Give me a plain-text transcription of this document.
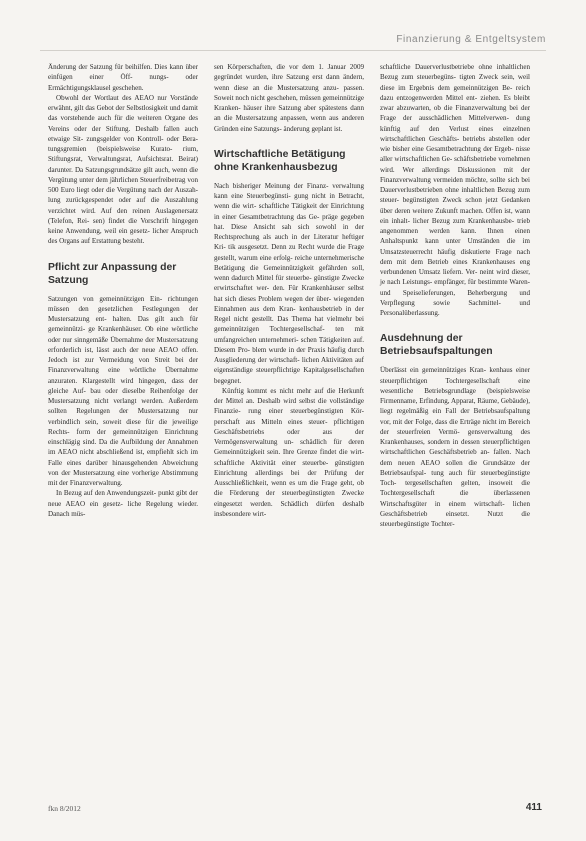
Finanzierung & Entgeltsystem

Änderung der Satzung für beihilfen. Dies kann über einfügen einer Öff- nungs- oder Ermächtigungsklausel geschehen.

Obwohl der Wortlaut des AEAO nur Vorstände erwähnt, gilt das Gebot der Selbstlosigkeit und damit das vorstehende auch für die weiteren Organe des Vereins oder der Stiftung. Deshalb fallen auch etwaige Sit- zungsgelder von Kontroll- oder Bera- tungsgremien (beispielsweise Kurato- rium, Stiftungsrat, Verwaltungsrat, Aufsichtsrat. Beirat) darunter. Da Satzungsgrundsätze gilt auch, wenn die Vergütung unter dem jährlichen Steuerfreibetrag von 500 Euro liegt oder die Vergütung nach der Auszah- lung zurückgespendet oder auf die Auszahlung verzichtet wird. Auf den reinen Auslagenersatz (Telefon, Rei- sen) findet die Vorschrift hingegen keine Anwendung, weil ein gesetz- licher Anspruch des Organs auf Erstattung besteht.

Pflicht zur Anpassung der Satzung

Satzungen von gemeinnützigen Ein- richtungen müssen den gesetzlichen Festlegungen der Mustersatzung ent- halten. Das gilt auch für gemeinnützi- ge Krankenhäuser. Ob eine wörtliche oder nur sinngemäße Übernahme der Mustersatzung erforderlich ist, lässt auch der neue AEAO offen. Jedoch ist zur Vermeidung von Streit bei der Finanzverwaltung eine wörtliche Übernahme anzuraten. Klargestellt wird hingegen, dass der gleiche Auf- bau oder dieselbe Reihenfolge der Mustersatzung nicht verlangt werden. Außerdem sollten Regelungen der Mustersatzung nur verbindlich sein, soweit diese für die jeweilige Rechts- form der gemeinnützigen Einrichtung einschlägig sind. Da die Aufbildung der Annahmen im AEAO nicht abschließend ist, empfiehlt sich im Falle eines darüber hinausgehenden Abweichung von der Mustersatzung eine vorherige Abstimmung mit der Finanzverwaltung.

In Bezug auf den Anwendungszeit- punkt gibt der neue AEAO ein gesetz- liche Regelung wieder. Danach müs-

sen Körperschaften, die vor dem 1. Januar 2009 gegründet wurden, ihre Satzung erst dann ändern, wenn diese an die Mustersatzung anzu- passen. Soweit noch nicht geschehen, müssen gemeinnützige Kranken- häuser ihre Satzung aber spätestens dann an die Mustersatzung anpassen, wenn aus anderen Gründen eine Satzungs- änderung geplant ist.

Wirtschaftliche Betätigung ohne Krankenhausbezug

Nach bisheriger Meinung der Finanz- verwaltung kann eine Steuerbegünsti- gung nicht in Betracht, wenn die wirt- schaftliche Tätigkeit der Einrichtung in einer Gesamtbetrachtung das Ge- präge gegeben hat. Diese Ansicht sah sich sowohl in der Rechtsprechung als auch in der Literatur heftiger Kri- tik ausgesetzt. Denn zu Recht wurde die Frage gestellt, warum eine erfolg- reiche unternehmerische Betätigung die Gemeinnützigkeit gefährden soll, wenn dadurch Mittel für steuerbe- günstigte Zwecke erwirtschaftet wer- den. Für Krankenhäuser selbst hat sich dieses Problem wegen der über- wiegenden Einnahmen aus dem Kran- kenhausbetrieb in der Regel nicht gestellt. Das Thema hat vielmehr bei gemeinnützigen Tochtergesellschaf- ten mit umfangreichen unternehmeri- schen Tätigkeiten auf. Diesem Pro- blem wurde in der Praxis häufig durch Ausgliederung der wirtschaft- lichen Aktivitäten auf eigenständige steuerpflichtige Kapitalgesellschaften begegnet.

Künftig kommt es nicht mehr auf die Herkunft der Mittel an. Deshalb wird selbst die vollständige Finanzie- rung einer steuerbegünstigten Kör- perschaft aus Mitteln eines steuer- pflichtigen Geschäftsbetriebs oder aus der Vermögensverwaltung un- schädlich für deren Gemeinnützigkeit sein. Ihre Grenze findet die wirt- schaftliche Aktivität einer steuerbe- günstigten Einrichtung allerdings bei der Prüfung der Ausschließlichkeit, wenn es um die Frage geht, ob die Förderung der steuerbegünstigten Zwecke eingesetzt werden. Schädlich dürfen deshalb insbesondere wirt-

schaftliche Dauerverlustbetriebe ohne inhaltlichen Bezug zum steuerbegüns- tigten Zweck sein, weil diese im Ergebnis dem gemeinnützigen Be- reich dazu entzogenwerden Mittel ent- ziehen. Es bleibt zwar abzuwarten, ob die Finanzverwaltung bei der Frage der ausschädlichen Mittelverwen- dung künftig auf den Verlust eines einzelnen wirtschaftlichen Geschäfts- betriebs abstellen oder wie bisher eine Gesamtbetrachtung der Ergeb- nisse aller wirtschaftlichen Ge- schäftsbetriebe vornehmen wird. Wer allerdings Diskussionen mit der Finanzverwaltung vermeiden möchte, sollte sich bei Dauerverlustbetrieben ohne inhaltlichen Bezug zum steuer- begünstigten Zweck schon jetzt Gedanken über deren weitere Zukunft machen. Offen ist, wann ein inhalt- licher Bezug zum Krankenhausbe- trieb angenommen werden kann. Ihnen einen Anhaltspunkt kann unter Umständen die im Umsatzsteuerrecht häufig diskutierte Frage nach dem mit dem Betrieb eines Krankenhauses eng verbundenen Umsatz liefern. Ver- neint wird dieser, je nach Leistungs- empfänger, für bestimmte Waren- und Speiselieferungen, Beherbergung und Verpflegung sowie Sachmittel- und Personalüberlassung.

Ausdehnung der Betriebsaufspaltungen

Überlässt ein gemeinnütziges Kran- kenhaus einer steuerpflichtigen Tochtergesellschaft eine wesentliche Betriebsgrundlage (beispielsweise Firmenname, Erfindung, Apparat, Räume, Gebäude), liegt regelmäßig ein Fall der Betriebsaufspaltung vor, mit der Folge, dass die Erträge nicht im Bereich der steuerfreien Vermö- gensverwaltung des Krankenhauses, sondern in dessen steuerpflichtigen wirtschaftlichen Geschäftsbetrieb an- fallen. Nach dem neuen AEAO sollen die Grundsätze der Betriebsaufspal- tung auch für steuerbegünstigte Toch- tergesellschaften gelten, insoweit die Tochtergesellschaft die überlassenen Wirtschaftsgüter in einem wirtschaft- lichen Geschäftsbetrieb einsetzt. Nutzt die steuerbegünstigte Tochter-

fkn 8/2012	411
